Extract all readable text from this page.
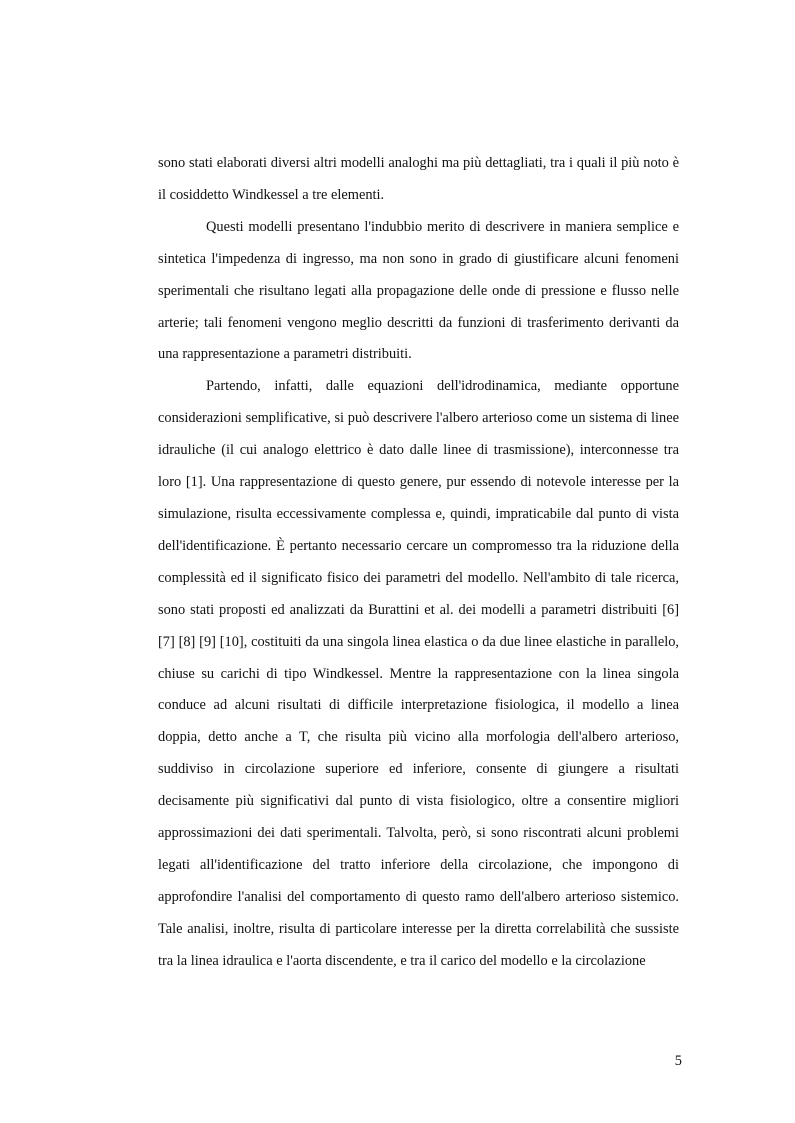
sono stati elaborati diversi altri modelli analoghi ma più dettagliati, tra i quali il più noto è il cosiddetto Windkessel a tre elementi.

Questi modelli presentano l'indubbio merito di descrivere in maniera semplice e sintetica l'impedenza di ingresso, ma non sono in grado di giustificare alcuni fenomeni sperimentali che risultano legati alla propagazione delle onde di pressione e flusso nelle arterie; tali fenomeni vengono meglio descritti da funzioni di trasferimento derivanti da una rappresentazione a parametri distribuiti.

Partendo, infatti, dalle equazioni dell'idrodinamica, mediante opportune considerazioni semplificative, si può descrivere l'albero arterioso come un sistema di linee idrauliche (il cui analogo elettrico è dato dalle linee di trasmissione), interconnesse tra loro [1]. Una rappresentazione di questo genere, pur essendo di notevole interesse per la simulazione, risulta eccessivamente complessa e, quindi, impraticabile dal punto di vista dell'identificazione. È pertanto necessario cercare un compromesso tra la riduzione della complessità ed il significato fisico dei parametri del modello. Nell'ambito di tale ricerca, sono stati proposti ed analizzati da Burattini et al. dei modelli a parametri distribuiti [6] [7] [8] [9] [10], costituiti da una singola linea elastica o da due linee elastiche in parallelo, chiuse su carichi di tipo Windkessel. Mentre la rappresentazione con la linea singola conduce ad alcuni risultati di difficile interpretazione fisiologica, il modello a linea doppia, detto anche a T, che risulta più vicino alla morfologia dell'albero arterioso, suddiviso in circolazione superiore ed inferiore, consente di giungere a risultati decisamente più significativi dal punto di vista fisiologico, oltre a consentire migliori approssimazioni dei dati sperimentali. Talvolta, però, si sono riscontrati alcuni problemi legati all'identificazione del tratto inferiore della circolazione, che impongono di approfondire l'analisi del comportamento di questo ramo dell'albero arterioso sistemico. Tale analisi, inoltre, risulta di particolare interesse per la diretta correlabilità che sussiste tra la linea idraulica e l'aorta discendente, e tra il carico del modello e la circolazione

5
